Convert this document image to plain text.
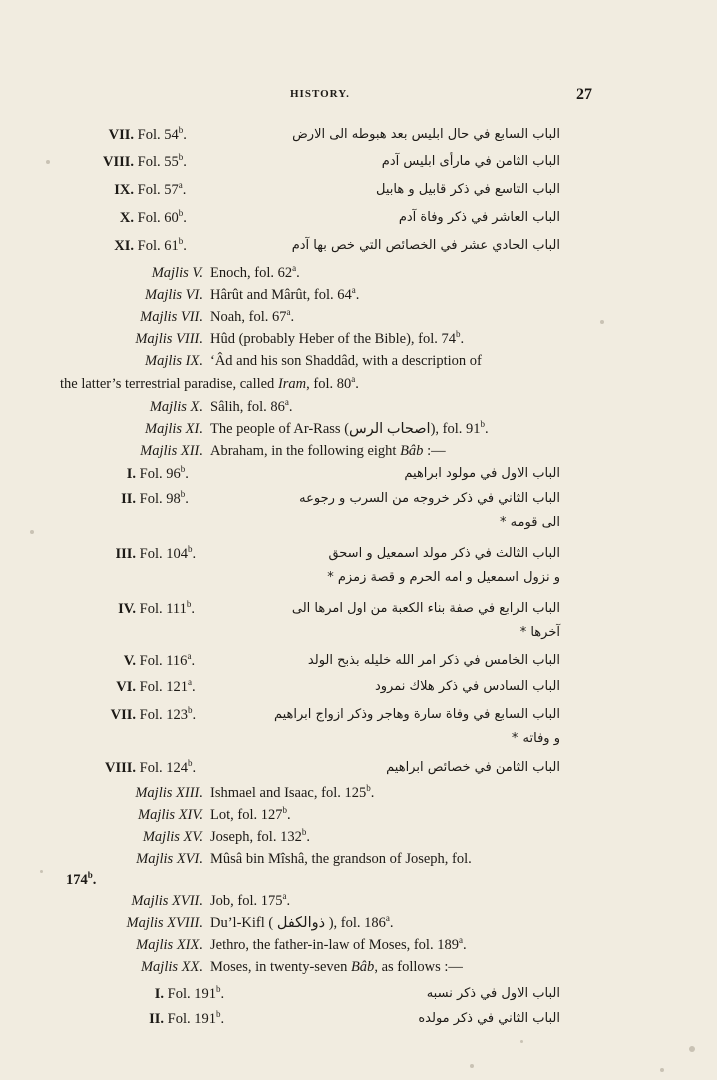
HISTORY.	27
VII. Fol. 54$^b$.	الباب السابع في حال ابليس بعد هبوطه الى الارض
VIII. Fol. 55$^b$.	الباب الثامن في مارأى ابليس آدم
IX. Fol. 57$^a$.	الباب التاسع في ذكر قابيل و هابيل
X. Fol. 60$^b$.	الباب العاشر في ذكر وفاة آدم
XI. Fol. 61$^b$.	الباب الحادي عشر في الخصائص التي خص بها آدم
Majlis V. Enoch, fol. 62$^a$.
Majlis VI. Hârût and Mârût, fol. 64$^a$.
Majlis VII. Noah, fol. 67$^a$.
Majlis VIII. Hûd (probably Heber of the Bible), fol. 74$^b$.
Majlis IX. ‘Âd and his son Shaddâd, with a description of
the latter’s terrestrial paradise, called Iram, fol. 80$^a$.
Majlis X. Sâlih, fol. 86$^a$.
Majlis XI. The people of Ar-Rass (اصحاب الرس), fol. 91$^b$.
Majlis XII. Abraham, in the following eight Bâb :—
I. Fol. 96$^b$.	الباب الاول في مولود ابراهيم
II. Fol. 98$^b$.	الباب الثاني في ذكر خروجه من السرب و رجوعه
الى قومه *
III. Fol. 104$^b$.	الباب الثالث في ذكر مولد اسمعيل و اسحق
و نزول اسمعيل و امه الحرم و قصة زمزم *
IV. Fol. 111$^b$.	الباب الرابع في صفة بناء الكعبة من اول امرها الى
آخرها *
V. Fol. 116$^a$.	الباب الخامس في ذكر امر الله خليله بذبح الولد
VI. Fol. 121$^a$.	الباب السادس في ذكر هلاك نمرود
VII. Fol. 123$^b$.	الباب السابع في وفاة سارة وهاجر وذكر ازواج ابراهيم
و وفاته *
VIII. Fol. 124$^b$.	الباب الثامن في خصائص ابراهيم
Majlis XIII. Ishmael and Isaac, fol. 125$^b$.
Majlis XIV. Lot, fol. 127$^b$.
Majlis XV. Joseph, fol. 132$^b$.
Majlis XVI. Mûsâ bin Mîshâ, the grandson of Joseph, fol.
174$^b$.
Majlis XVII. Job, fol. 175$^a$.
Majlis XVIII. Du’l-Kifl ( ذوالكفل ), fol. 186$^a$.
Majlis XIX. Jethro, the father-in-law of Moses, fol. 189$^a$.
Majlis XX. Moses, in twenty-seven Bâb, as follows :—
I. Fol. 191$^b$.	الباب الاول في ذكر نسبه
II. Fol. 191$^b$.	الباب الثاني في ذكر مولده
